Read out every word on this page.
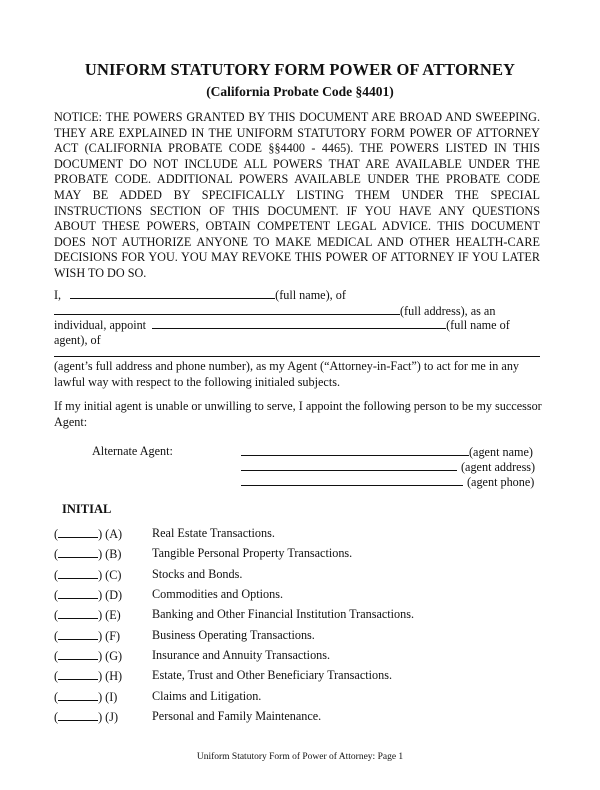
UNIFORM STATUTORY FORM POWER OF ATTORNEY
(California Probate Code §4401)
NOTICE: THE POWERS GRANTED BY THIS DOCUMENT ARE BROAD AND SWEEPING. THEY ARE EXPLAINED IN THE UNIFORM STATUTORY FORM POWER OF ATTORNEY ACT (CALIFORNIA PROBATE CODE §§4400 - 4465). THE POWERS LISTED IN THIS DOCUMENT DO NOT INCLUDE ALL POWERS THAT ARE AVAILABLE UNDER THE PROBATE CODE. ADDITIONAL POWERS AVAILABLE UNDER THE PROBATE CODE MAY BE ADDED BY SPECIFICALLY LISTING THEM UNDER THE SPECIAL INSTRUCTIONS SECTION OF THIS DOCUMENT. IF YOU HAVE ANY QUESTIONS ABOUT THESE POWERS, OBTAIN COMPETENT LEGAL ADVICE. THIS DOCUMENT DOES NOT AUTHORIZE ANYONE TO MAKE MEDICAL AND OTHER HEALTH-CARE DECISIONS FOR YOU. YOU MAY REVOKE THIS POWER OF ATTORNEY IF YOU LATER WISH TO DO SO.
I,	(full name), of
(full address), as an
individual, appoint	(full name of
agent), of
(agent’s full address and phone number), as my Agent (“Attorney-in-Fact”) to act for me in any lawful way with respect to the following initialed subjects.
If my initial agent is unable or unwilling to serve, I appoint the following person to be my successor Agent:
Alternate Agent:	(agent name)
(agent address)
(agent phone)
INITIAL
(	) (A) Real Estate Transactions.
(	) (B)	Tangible Personal Property Transactions.
(	) (C)	Stocks and Bonds.
(	) (D) Commodities and Options.
(	) (E)	Banking and Other Financial Institution Transactions.
(	) (F)	Business Operating Transactions.
(	) (G) Insurance and Annuity Transactions.
(	) (H) Estate, Trust and Other Beneficiary Transactions.
(	) (I)	Claims and Litigation.
(	) (J)	Personal and Family Maintenance.
Uniform Statutory Form of Power of Attorney: Page 1
